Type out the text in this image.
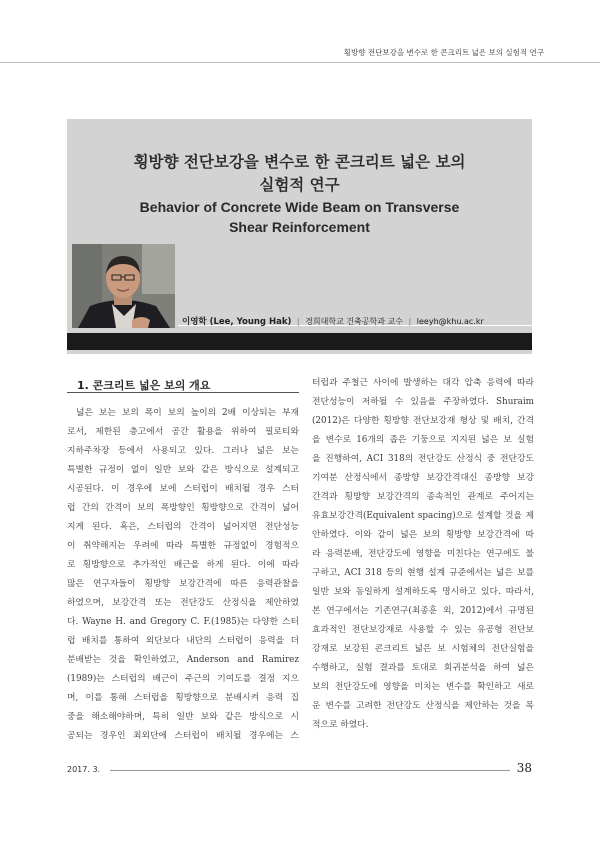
횡방향 전단보강을 변수로 한 콘크리트 넓은 보의 실험적 연구
횡방향 전단보강을 변수로 한 콘크리트 넓은 보의
실험적 연구
Behavior of Concrete Wide Beam on Transverse
Shear Reinforcement
이영학 (Lee, Young Hak) | 경희대학교 건축공학과 교수 | leeyh@khu.ac.kr
1. 콘크리트 넓은 보의 개요
넓은 보는 보의 폭이 보의 높이의 2배 이상되는 부재
로서, 제한된 층고에서 공간 활용을 위하여 필로티와
지하주차장 등에서 사용되고 있다. 그러나 넓은 보는
특별한 규정이 없이 일반 보와 같은 방식으로 설계되고
시공된다. 이 경우에 보에 스터럽이 배치될 경우 스터
럽 간의 간격이 보의 폭방향인 횡방향으로 간격이 넓어
지게 된다. 혹은, 스터럽의 간격이 넓어지면 전단성능
이 취약해지는 우려에 따라 특별한 규정없이 경험적으
로 횡방향으로 추가적인 배근을 하게 된다. 이에 따라
많은 연구자들이 횡방향 보강간격에 따른 응력관찰을
하였으며, 보강간격 또는 전단강도 산정식을 제안하였
다. Wayne H. and Gregory C. F.(1985)는 다양한 스터
럽 배치를 통하여 외단보다 내단의 스터럽이 응력을 더
분배받는 것을 확인하였고, Anderson and Ramirez
(1989)는 스터럽의 배근이 주근의 기여도를 결정 지으
며, 이를 통해 스터럽을 횡방향으로 분배시켜 응력 집
중을 해소해야하며, 특히 일반 보와 같은 방식으로 시
공되는 경우인 최외단에 스터럽이 배치될 경우에는 스
터럽과 주철근 사이에 발생하는 대각 압축 응력에 따라
전단성능이 저하될 수 있음을 주장하였다. Shuraim
(2012)은 다양한 횡방향 전단보강재 형상 및 배치, 간격
을 변수로 16개의 좁은 기둥으로 지지된 넓은 보 실험
을 진행하여, ACI 318의 전단강도 산정식 중 전단강도
기여분 산정식에서 종방향 보강간격대신 종방향 보강
간격과 횡방향 보강간격의 종속적인 관계로 주어지는
유효보강간격(Equivalent spacing)으로 설계할 것을 제
안하였다. 이와 같이 넓은 보의 횡방향 보강간격에 따
라 응력분배, 전단강도에 영향을 미친다는 연구에도 불
구하고, ACI 318 등의 현행 설계 규준에서는 넓은 보를
일반 보와 동일하게 설계하도록 명시하고 있다. 따라서,
본 연구에서는 기존연구(최종훈 외, 2012)에서 규명된
효과적인 전단보강재로 사용할 수 있는 유공형 전단보
강재로 보강된 콘크리트 넓은 보 시험체의 전단실험을
수행하고, 실험 결과를 토대로 회귀분석을 하여 넓은
보의 전단강도에 영향을 미치는 변수를 확인하고 새로
운 변수를 고려한 전단강도 산정식을 제안하는 것을 목
적으로 하였다.
2017. 3.	38
